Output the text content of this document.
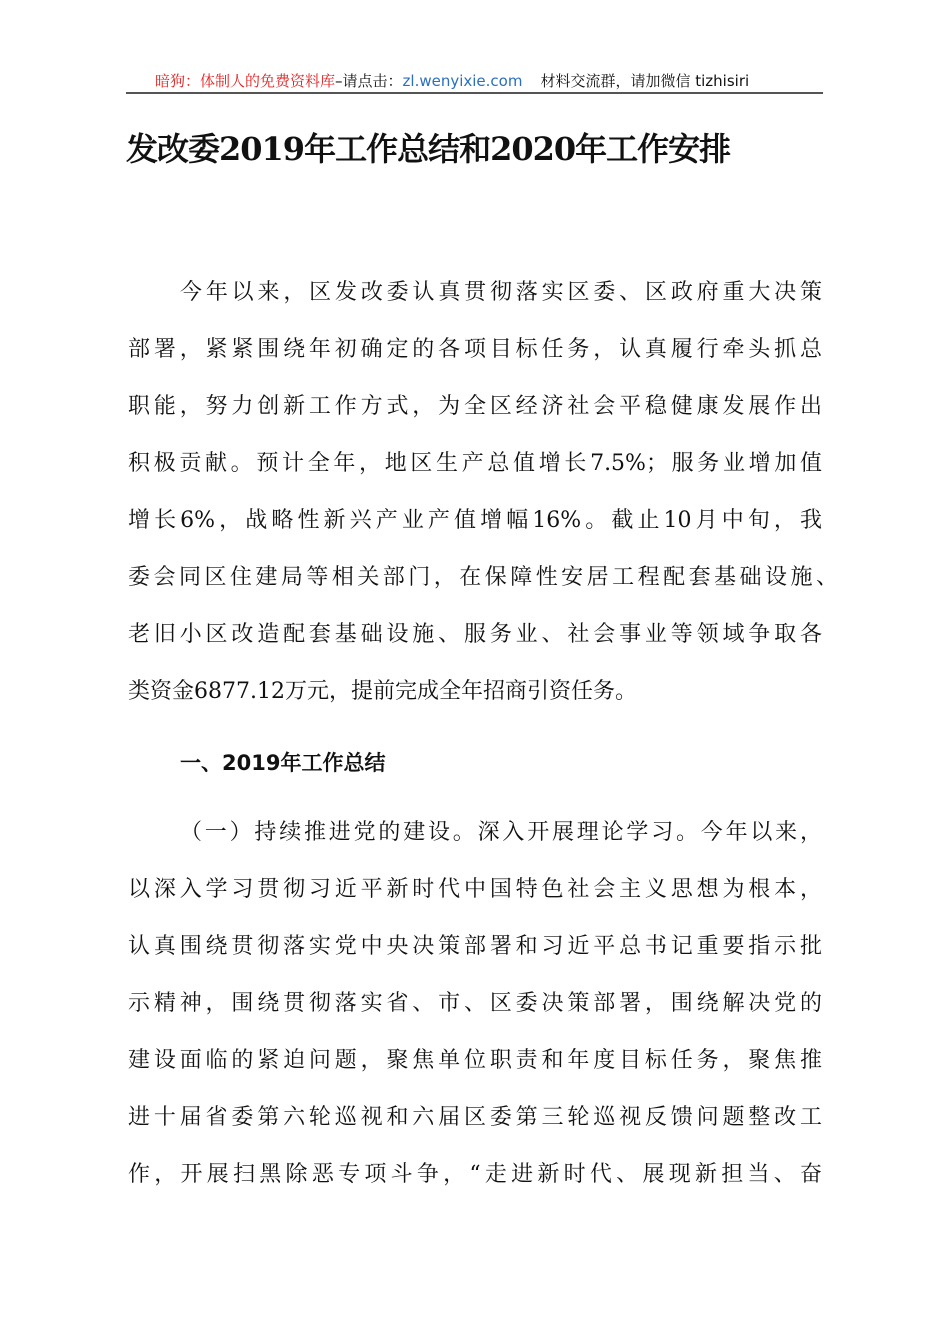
暗狗：体制人的免费资料库–请点击：zl.wenyixie.com 材料交流群，请加微信 tizhisiri
发改委2019年工作总结和2020年工作安排
今年以来，区发改委认真贯彻落实区委、区政府重大决策
部署，紧紧围绕年初确定的各项目标任务，认真履行牵头抓总
职能，努力创新工作方式，为全区经济社会平稳健康发展作出
积极贡献。预计全年，地区生产总值增长7.5%；服务业增加值
增长6%，战略性新兴产业产值增幅16%。截止10月中旬，我
委会同区住建局等相关部门，在保障性安居工程配套基础设施、
老旧小区改造配套基础设施、服务业、社会事业等领域争取各
类资金6877.12万元，提前完成全年招商引资任务。
一、2019年工作总结
（一）持续推进党的建设。深入开展理论学习。今年以来，
以深入学习贯彻习近平新时代中国特色社会主义思想为根本，
认真围绕贯彻落实党中央决策部署和习近平总书记重要指示批
示精神，围绕贯彻落实省、市、区委决策部署，围绕解决党的
建设面临的紧迫问题，聚焦单位职责和年度目标任务，聚焦推
进十届省委第六轮巡视和六届区委第三轮巡视反馈问题整改工
作，开展扫黑除恶专项斗争，“走进新时代、展现新担当、奋
